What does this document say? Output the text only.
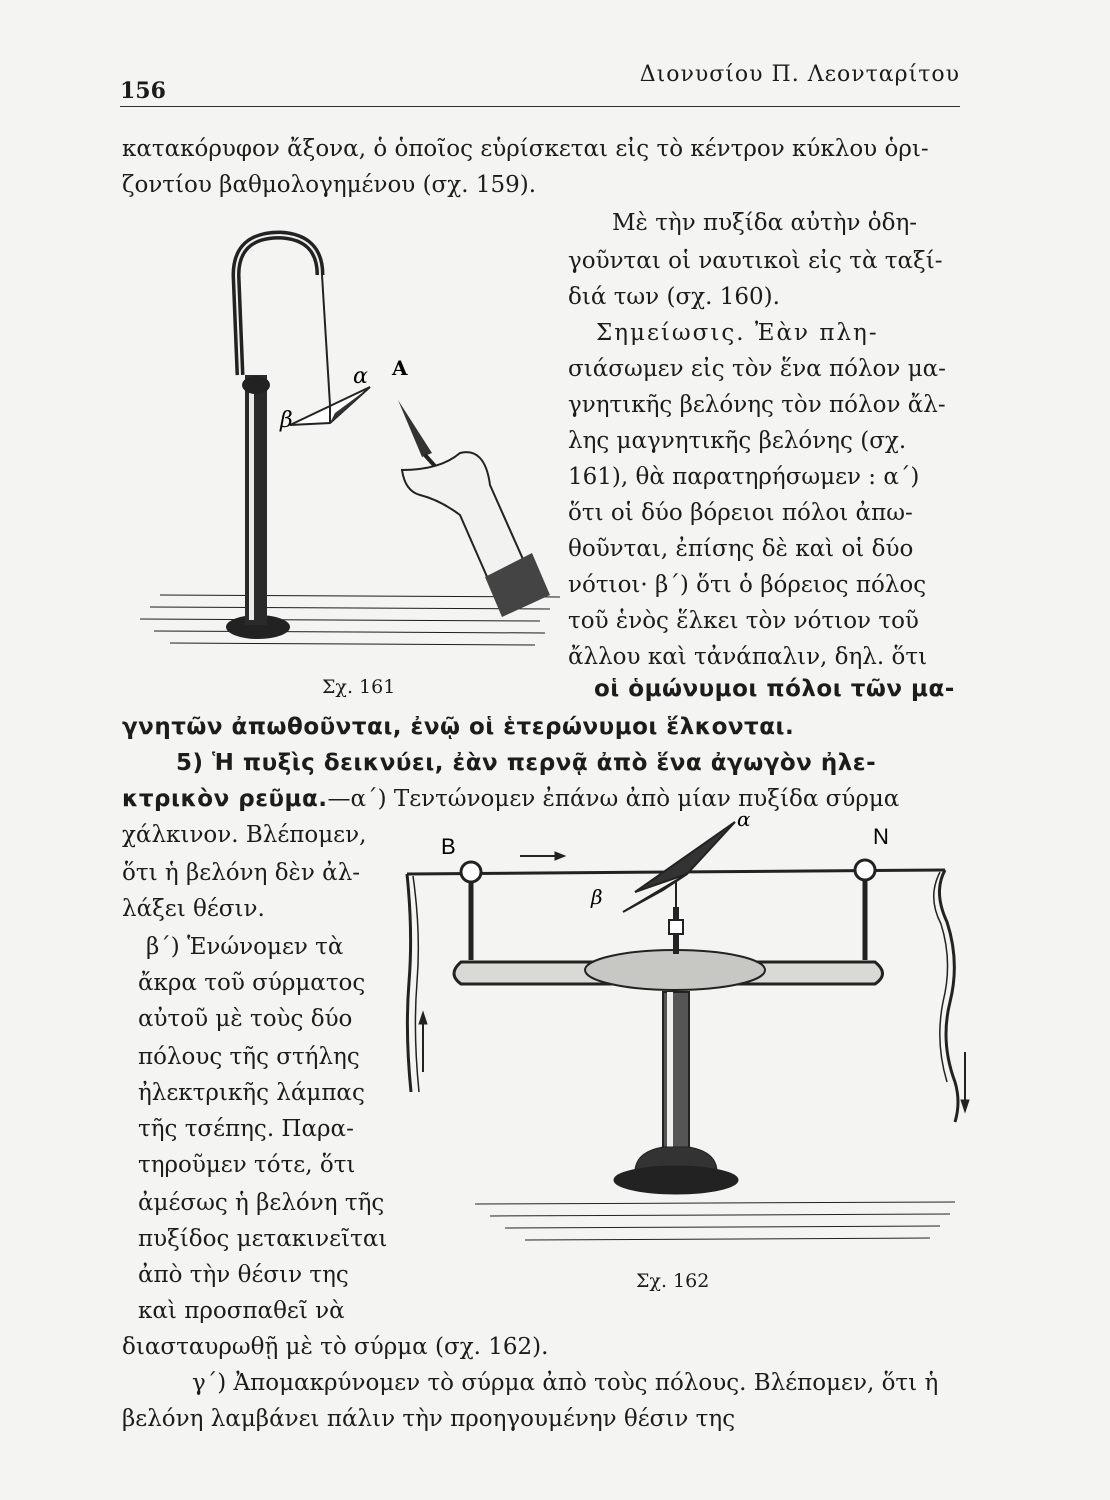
156
Διονυσίου Π. Λεονταρίτου
κατακόρυφον ἄξονα, ὁ ὁποῖος εὑρίσκεται εἰς τὸ κέντρον κύκλου ὁρι-
ζοντίου βαθμολογημένου (σχ. 159).
Μὲ τὴν πυξίδα αὐτὴν ὁδη-
γοῦνται οἱ ναυτικοὶ εἰς τὰ ταξί-
διά των (σχ. 160).
Σημείωσις. Ἐὰν πλη-
σιάσωμεν εἰς τὸν ἕνα πόλον μα-
γνητικῆς βελόνης τὸν πόλον ἄλ-
λης μαγνητικῆς βελόνης (σχ.
161), θὰ παρατηρήσωμεν : α΄)
ὅτι οἱ δύο βόρειοι πόλοι ἀπω-
θοῦνται, ἐπίσης δὲ καὶ οἱ δύο
νότιοι· β΄) ὅτι ὁ βόρειος πόλος
τοῦ ἑνὸς ἕλκει τὸν νότιον τοῦ
ἄλλου καὶ τἀνάπαλιν, δηλ. ὅτι
οἱ ὁμώνυμοι πόλοι τῶν μα-
α A
β
Σχ. 161
γνητῶν ἀπωθοῦνται, ἐνῷ οἱ ἑτερώνυμοι ἕλκονται.
5) Ἡ πυξὶς δεικνύει, ἐὰν περνᾷ ἀπὸ ἕνα ἀγωγὸν ἠλε-
κτρικὸν ρεῦμα.—α΄) Τεντώνομεν ἐπάνω ἀπὸ μίαν πυξίδα σύρμα
χάλκινον. Βλέπομεν,
ὅτι ἡ βελόνη δὲν ἀλ-
λάξει θέσιν.
β΄) Ἑνώνομεν τὰ
ἄκρα τοῦ σύρματος
αὐτοῦ μὲ τοὺς δύο
πόλους τῆς στήλης
ἠλεκτρικῆς λάμπας
τῆς τσέπης. Παρα-
τηροῦμεν τότε, ὅτι
ἀμέσως ἡ βελόνη τῆς
πυξίδος μετακινεῖται
ἀπὸ τὴν θέσιν της
καὶ προσπαθεῖ νὰ
B	N
α
β
Σχ. 162
διασταυρωθῇ μὲ τὸ σύρμα (σχ. 162).
γ΄) Ἀπομακρύνομεν τὸ σύρμα ἀπὸ τοὺς πόλους. Βλέπομεν, ὅτι ἡ
βελόνη λαμβάνει πάλιν τὴν προηγουμένην θέσιν της
